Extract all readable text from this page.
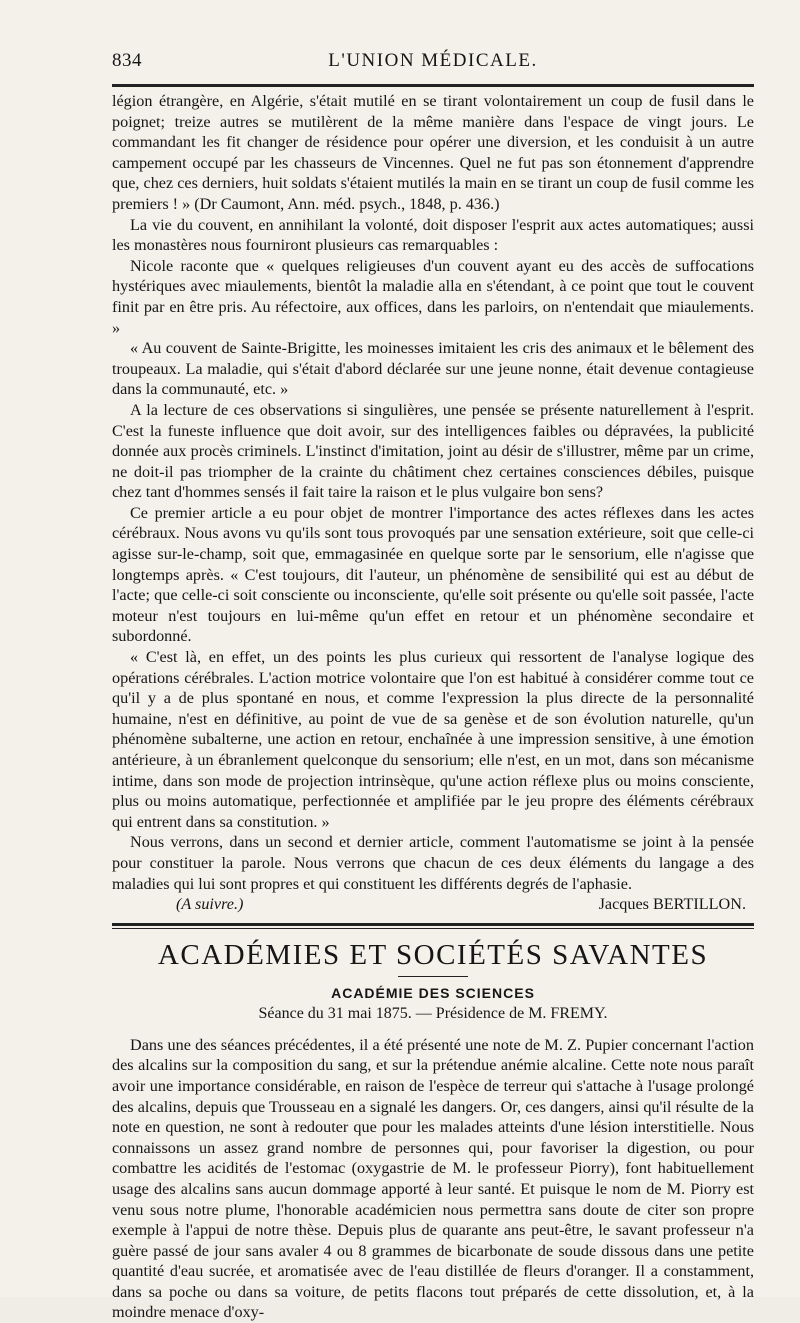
834	L'UNION MÉDICALE.

légion étrangère, en Algérie, s'était mutilé en se tirant volontairement un coup de fusil dans le poignet; treize autres se mutilèrent de la même manière dans l'espace de vingt jours. Le commandant les fit changer de résidence pour opérer une diversion, et les conduisit à un autre campement occupé par les chasseurs de Vincennes. Quel ne fut pas son étonnement d'apprendre que, chez ces derniers, huit soldats s'étaient mutilés la main en se tirant un coup de fusil comme les premiers ! » (Dr Caumont, Ann. méd. psych., 1848, p. 436.)

La vie du couvent, en annihilant la volonté, doit disposer l'esprit aux actes automatiques; aussi les monastères nous fourniront plusieurs cas remarquables :

Nicole raconte que « quelques religieuses d'un couvent ayant eu des accès de suffocations hystériques avec miaulements, bientôt la maladie alla en s'étendant, à ce point que tout le couvent finit par en être pris. Au réfectoire, aux offices, dans les parloirs, on n'entendait que miaulements. »

« Au couvent de Sainte-Brigitte, les moinesses imitaient les cris des animaux et le bêlement des troupeaux. La maladie, qui s'était d'abord déclarée sur une jeune nonne, était devenue contagieuse dans la communauté, etc. »

A la lecture de ces observations si singulières, une pensée se présente naturellement à l'esprit. C'est la funeste influence que doit avoir, sur des intelligences faibles ou dépravées, la publicité donnée aux procès criminels. L'instinct d'imitation, joint au désir de s'illustrer, même par un crime, ne doit-il pas triompher de la crainte du châtiment chez certaines consciences débiles, puisque chez tant d'hommes sensés il fait taire la raison et le plus vulgaire bon sens?

Ce premier article a eu pour objet de montrer l'importance des actes réflexes dans les actes cérébraux. Nous avons vu qu'ils sont tous provoqués par une sensation extérieure, soit que celle-ci agisse sur-le-champ, soit que, emmagasinée en quelque sorte par le sensorium, elle n'agisse que longtemps après. « C'est toujours, dit l'auteur, un phénomène de sensibilité qui est au début de l'acte; que celle-ci soit consciente ou inconsciente, qu'elle soit présente ou qu'elle soit passée, l'acte moteur n'est toujours en lui-même qu'un effet en retour et un phénomène secondaire et subordonné.

« C'est là, en effet, un des points les plus curieux qui ressortent de l'analyse logique des opérations cérébrales. L'action motrice volontaire que l'on est habitué à considérer comme tout ce qu'il y a de plus spontané en nous, et comme l'expression la plus directe de la personnalité humaine, n'est en définitive, au point de vue de sa genèse et de son évolution naturelle, qu'un phénomène subalterne, une action en retour, enchaînée à une impression sensitive, à une émotion antérieure, à un ébranlement quelconque du sensorium; elle n'est, en un mot, dans son mécanisme intime, dans son mode de projection intrinsèque, qu'une action réflexe plus ou moins consciente, plus ou moins automatique, perfectionnée et amplifiée par le jeu propre des éléments cérébraux qui entrent dans sa constitution. »

Nous verrons, dans un second et dernier article, comment l'automatisme se joint à la pensée pour constituer la parole. Nous verrons que chacun de ces deux éléments du langage a des maladies qui lui sont propres et qui constituent les différents degrés de l'aphasie.

(A suivre.)	Jacques BERTILLON.
ACADÉMIES ET SOCIÉTÉS SAVANTES
ACADÉMIE DES SCIENCES
Séance du 31 mai 1875. — Présidence de M. FREMY.

Dans une des séances précédentes, il a été présenté une note de M. Z. Pupier concernant l'action des alcalins sur la composition du sang, et sur la prétendue anémie alcaline. Cette note nous paraît avoir une importance considérable, en raison de l'espèce de terreur qui s'attache à l'usage prolongé des alcalins, depuis que Trousseau en a signalé les dangers. Or, ces dangers, ainsi qu'il résulte de la note en question, ne sont à redouter que pour les malades atteints d'une lésion interstitielle. Nous connaissons un assez grand nombre de personnes qui, pour favoriser la digestion, ou pour combattre les acidités de l'estomac (oxygastrie de M. le professeur Piorry), font habituellement usage des alcalins sans aucun dommage apporté à leur santé. Et puisque le nom de M. Piorry est venu sous notre plume, l'honorable académicien nous permettra sans doute de citer son propre exemple à l'appui de notre thèse. Depuis plus de quarante ans peut-être, le savant professeur n'a guère passé de jour sans avaler 4 ou 8 grammes de bicarbonate de soude dissous dans une petite quantité d'eau sucrée, et aromatisée avec de l'eau distillée de fleurs d'oranger. Il a constamment, dans sa poche ou dans sa voiture, de petits flacons tout préparés de cette dissolution, et, à la moindre menace d'oxy-
